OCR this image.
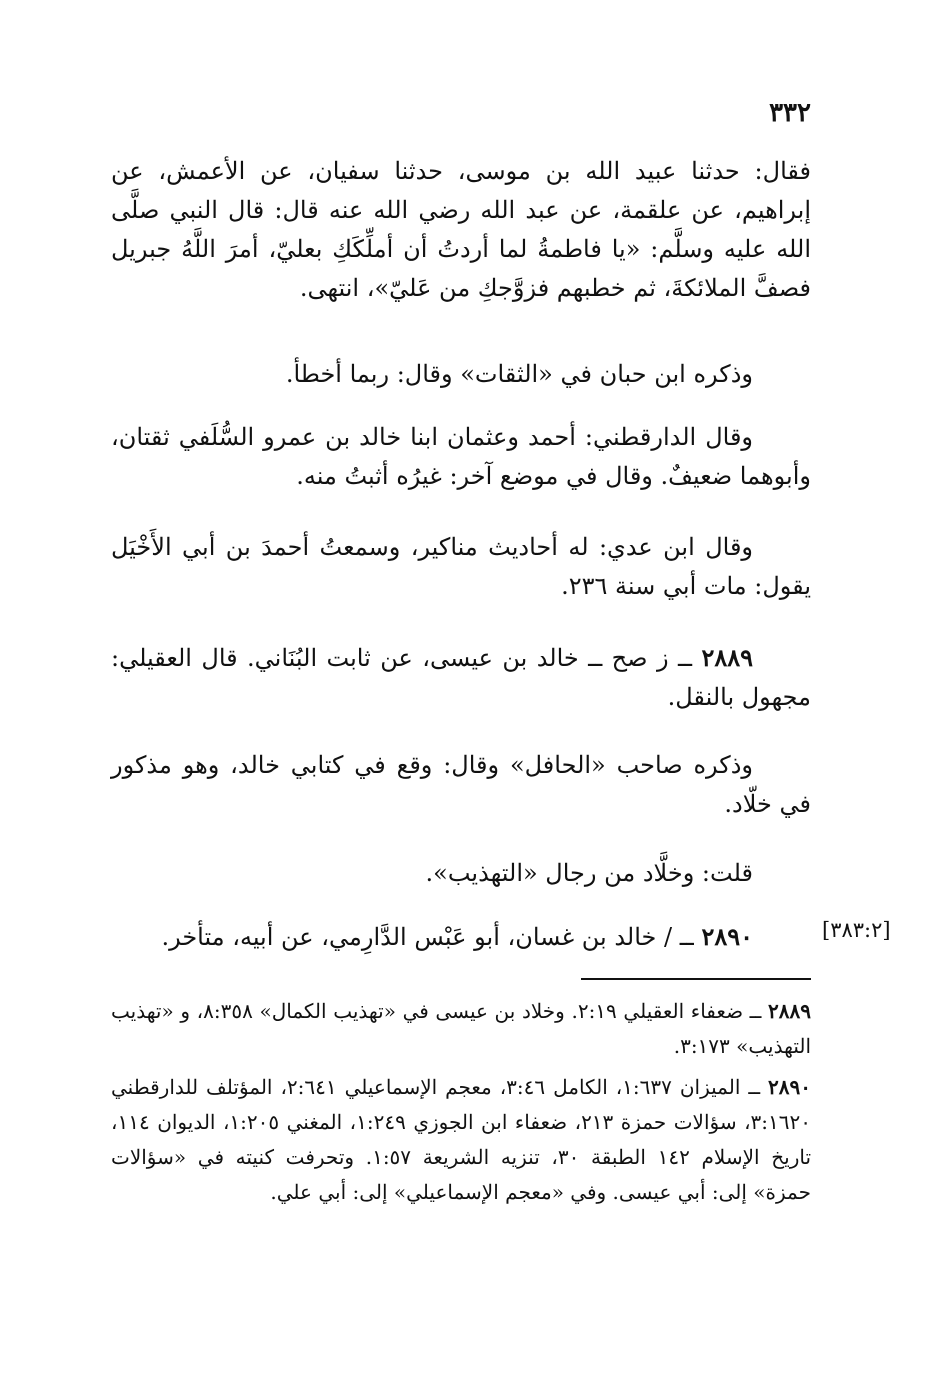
٣٣٢

فقال: حدثنا عبيد الله بن موسى، حدثنا سفيان، عن الأعمش، عن إبراهيم، عن علقمة، عن عبد الله رضي الله عنه قال: قال النبي صلَّى الله عليه وسلَّم: «يا فاطمةُ لما أردتُ أن أملِّكَكِ بعليّ، أمرَ اللَّهُ جبريل فصفَّ الملائكةَ، ثم خطبهم فزوَّجكِ من عَليّ»، انتهى.

وذكره ابن حبان في «الثقات» وقال: ربما أخطأ.

وقال الدارقطني: أحمد وعثمان ابنا خالد بن عمرو السُّلَفي ثقتان، وأبوهما ضعيفٌ. وقال في موضع آخر: غيرُه أثبتُ منه.

وقال ابن عدي: له أحاديث مناكير، وسمعتُ أحمدَ بن أبي الأَخْيَل يقول: مات أبي سنة ٢٣٦.

٢٨٨٩ ــ ز صح ــ خالد بن عيسى، عن ثابت البُنَاني. قال العقيلي: مجهول بالنقل.

وذكره صاحب «الحافل» وقال: وقع في كتابي خالد، وهو مذكور في خلّاد.

قلت: وخلَّاد من رجال «التهذيب».

٢٨٩٠ ــ / خالد بن غسان، أبو عَبْس الدَّارِمي، عن أبيه، متأخر.	[٣٨٣:٢]

٢٨٨٩ ــ ضعفاء العقيلي ٢:١٩. وخلاد بن عيسى في «تهذيب الكمال» ٨:٣٥٨، و «تهذيب التهذيب» ٣:١٧٣.

٢٨٩٠ ــ الميزان ١:٦٣٧، الكامل ٣:٤٦، معجم الإسماعيلي ٢:٦٤١، المؤتلف للدارقطني ٣:١٦٢٠، سؤالات حمزة ٢١٣، ضعفاء ابن الجوزي ١:٢٤٩، المغني ١:٢٠٥، الديوان ١١٤، تاريخ الإسلام ١٤٢ الطبقة ٣٠، تنزيه الشريعة ١:٥٧. وتحرفت كنيته في «سؤالات حمزة» إلى: أبي عيسى. وفي «معجم الإسماعيلي» إلى: أبي علي.
